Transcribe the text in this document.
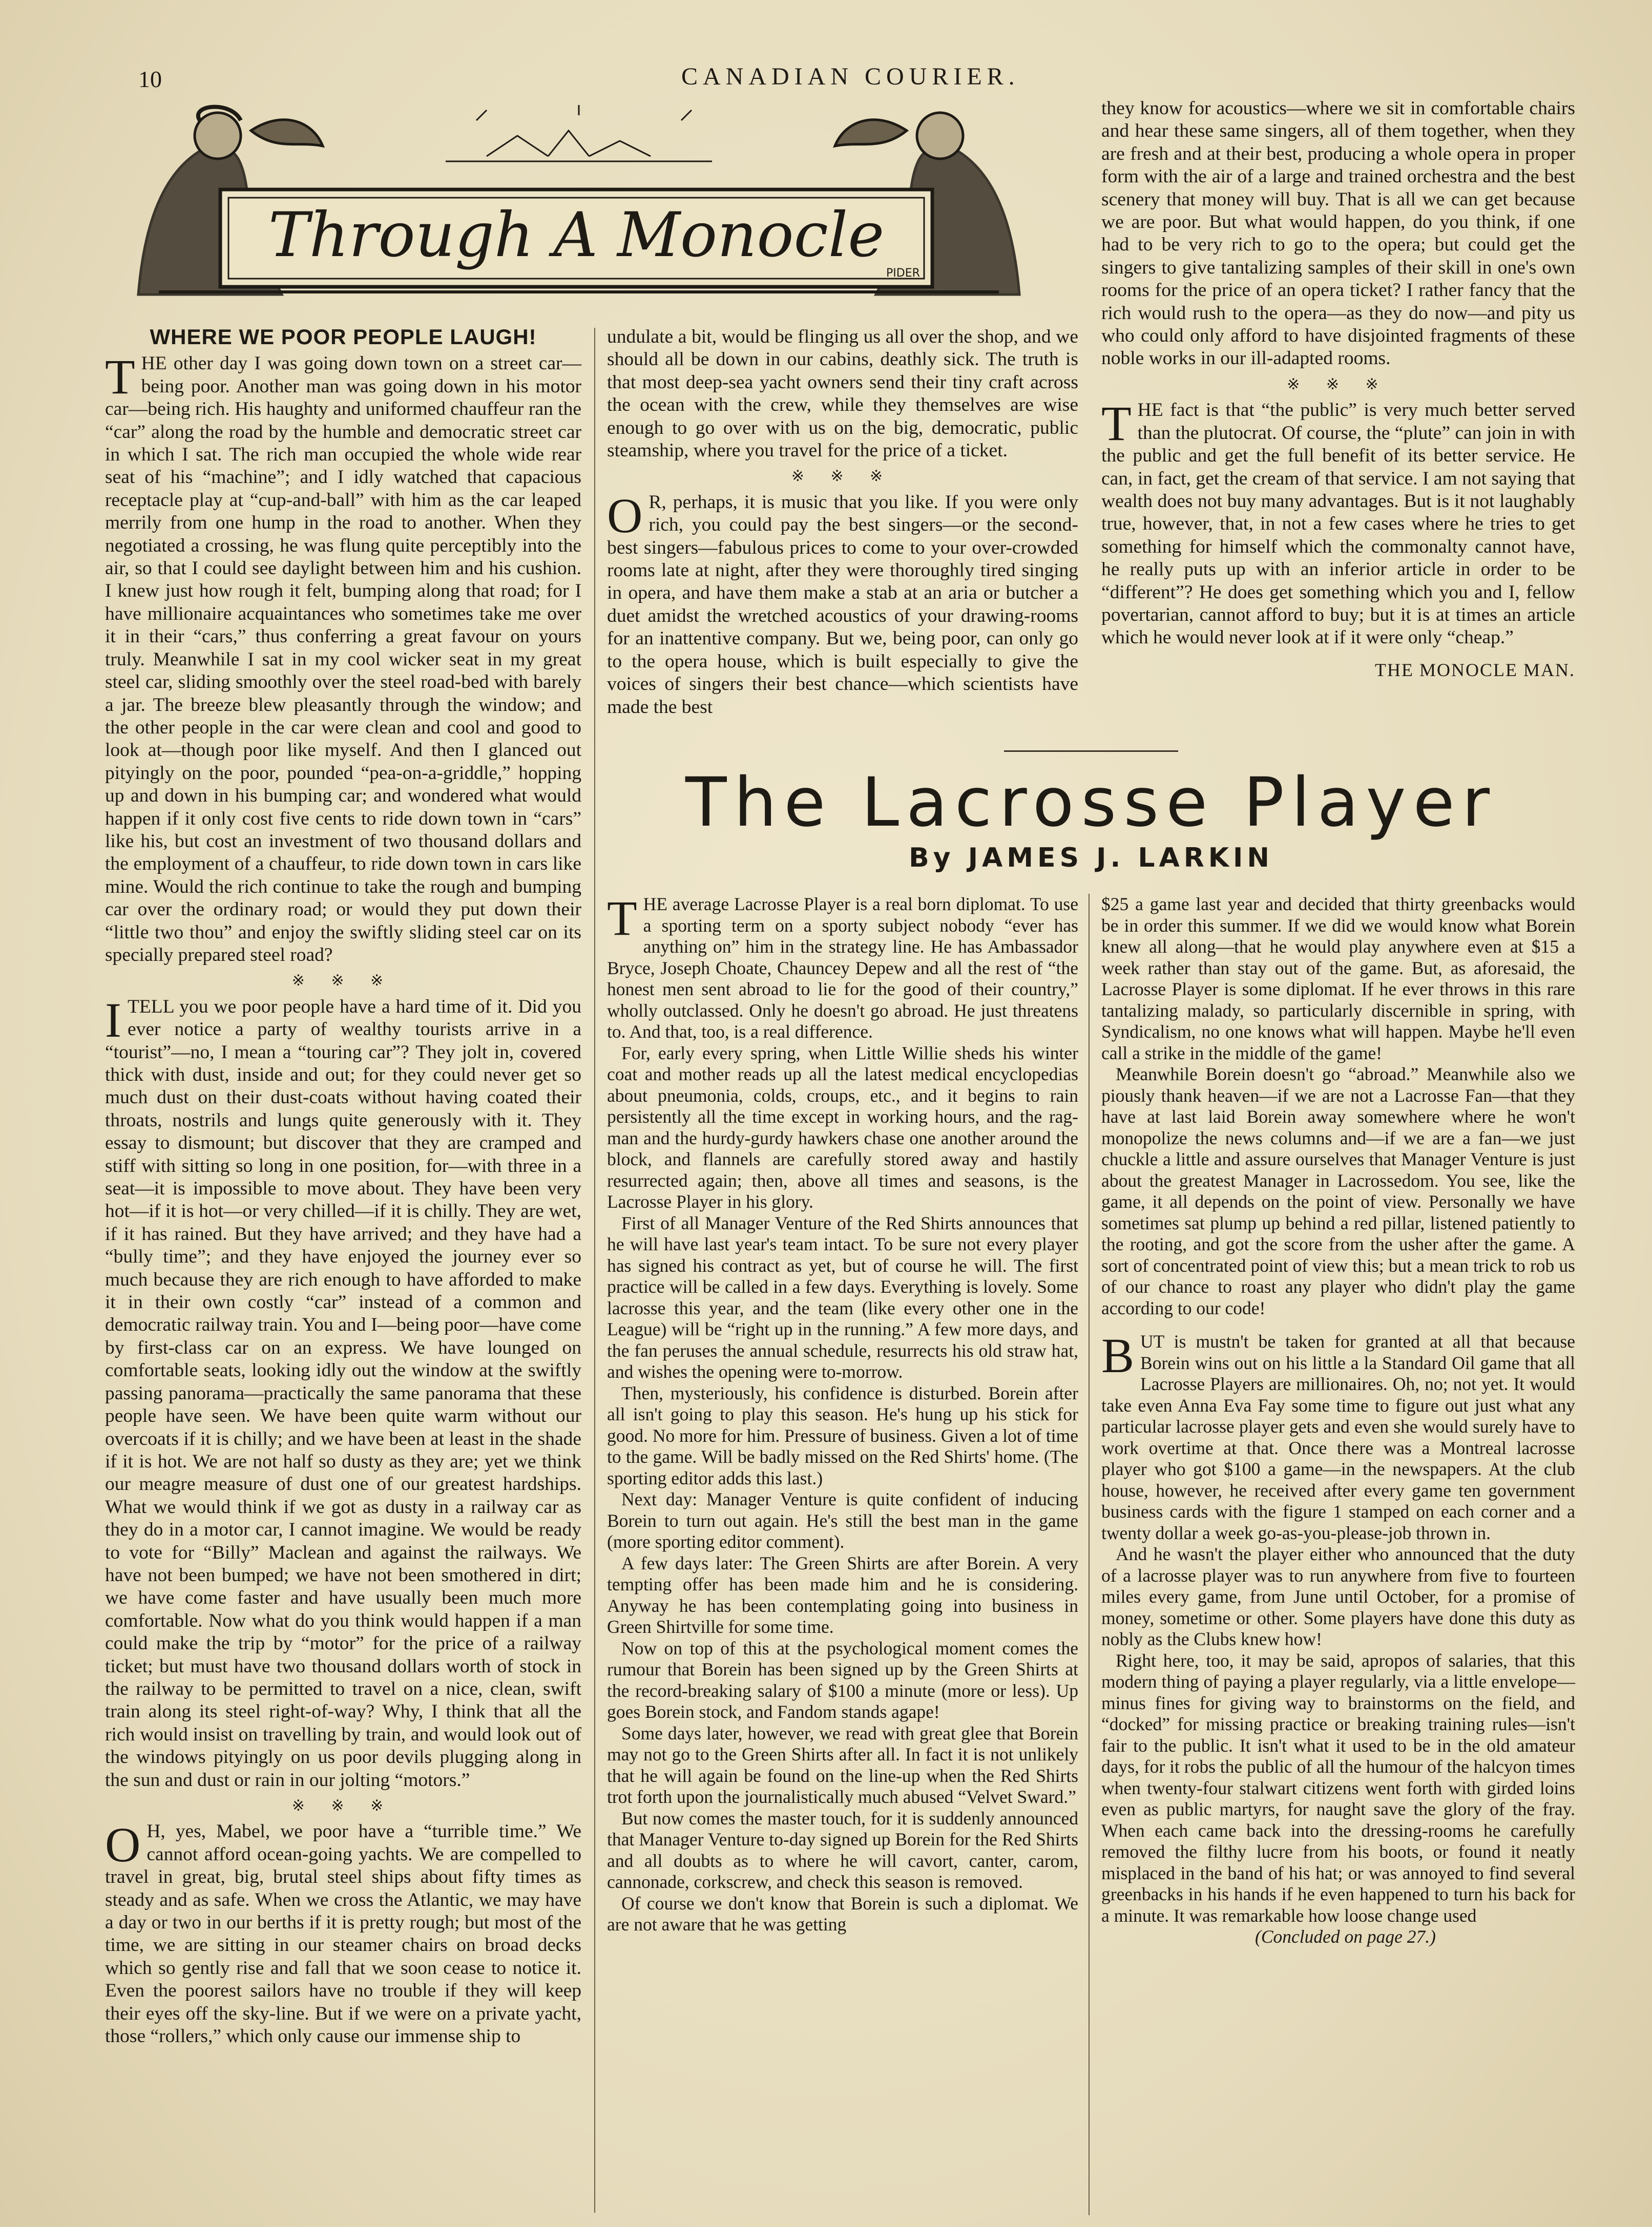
10	CANADIAN COURIER.
Through A Monocle
PIDER
WHERE WE POOR PEOPLE LAUGH!

THE other day I was going down town on a street car—being poor. Another man was going down in his motor car—being rich. His haughty and uniformed chauffeur ran the “car” along the road by the humble and democratic street car in which I sat. The rich man occupied the whole wide rear seat of his “machine”; and I idly watched that capacious receptacle play at “cup-and-ball” with him as the car leaped merrily from one hump in the road to another. When they negotiated a crossing, he was flung quite perceptibly into the air, so that I could see daylight between him and his cushion. I knew just how rough it felt, bumping along that road; for I have millionaire acquaintances who sometimes take me over it in their “cars,” thus conferring a great favour on yours truly. Meanwhile I sat in my cool wicker seat in my great steel car, sliding smoothly over the steel road-bed with barely a jar. The breeze blew pleasantly through the window; and the other people in the car were clean and cool and good to look at—though poor like myself. And then I glanced out pityingly on the poor, pounded “pea-on-a-griddle,” hopping up and down in his bumping car; and wondered what would happen if it only cost five cents to ride down town in “cars” like his, but cost an investment of two thousand dollars and the employment of a chauffeur, to ride down town in cars like mine. Would the rich continue to take the rough and bumping car over the ordinary road; or would they put down their “little two thou” and enjoy the swiftly sliding steel car on its specially prepared steel road?

※ ※ ※

ITELL you we poor people have a hard time of it. Did you ever notice a party of wealthy tourists arrive in a “tourist”—no, I mean a “touring car”? They jolt in, covered thick with dust, inside and out; for they could never get so much dust on their dust-coats without having coated their throats, nostrils and lungs quite generously with it. They essay to dismount; but discover that they are cramped and stiff with sitting so long in one position, for—with three in a seat—it is impossible to move about. They have been very hot—if it is hot—or very chilled—if it is chilly. They are wet, if it has rained. But they have arrived; and they have had a “bully time”; and they have enjoyed the journey ever so much because they are rich enough to have afforded to make it in their own costly “car” instead of a common and democratic railway train. You and I—being poor—have come by first-class car on an express. We have lounged on comfortable seats, looking idly out the window at the swiftly passing panorama—practically the same panorama that these people have seen. We have been quite warm without our overcoats if it is chilly; and we have been at least in the shade if it is hot. We are not half so dusty as they are; yet we think our meagre measure of dust one of our greatest hardships. What we would think if we got as dusty in a railway car as they do in a motor car, I cannot imagine. We would be ready to vote for “Billy” Maclean and against the railways. We have not been bumped; we have not been smothered in dirt; we have come faster and have usually been much more comfortable. Now what do you think would happen if a man could make the trip by “motor” for the price of a railway ticket; but must have two thousand dollars worth of stock in the railway to be permitted to travel on a nice, clean, swift train along its steel right-of-way? Why, I think that all the rich would insist on travelling by train, and would look out of the windows pityingly on us poor devils plugging along in the sun and dust or rain in our jolting “motors.”

※ ※ ※

O H, yes, Mabel, we poor have a “turrible time.” We cannot afford ocean-going yachts. We are compelled to travel in great, big, brutal steel ships about fifty times as steady and as safe. When we cross the Atlantic, we may have a day or two in our berths if it is pretty rough; but most of the time, we are sitting in our steamer chairs on broad decks which so gently rise and fall that we soon cease to notice it. Even the poorest sailors have no trouble if they will keep their eyes off the sky-line. But if we were on a private yacht, those “rollers,” which only cause our immense ship to

undulate a bit, would be flinging us all over the shop, and we should all be down in our cabins, deathly sick. The truth is that most deep-sea yacht owners send their tiny craft across the ocean with the crew, while they themselves are wise enough to go over with us on the big, democratic, public steamship, where you travel for the price of a ticket.

※ ※ ※

O R, perhaps, it is music that you like. If you were only rich, you could pay the best singers—or the second-best singers—fabulous prices to come to your over-crowded rooms late at night, after they were thoroughly tired singing in opera, and have them make a stab at an aria or butcher a duet amidst the wretched acoustics of your drawing-rooms for an inattentive company. But we, being poor, can only go to the opera house, which is built especially to give the voices of singers their best chance—which scientists have made the best

they know for acoustics—where we sit in comfortable chairs and hear these same singers, all of them together, when they are fresh and at their best, producing a whole opera in proper form with the air of a large and trained orchestra and the best scenery that money will buy. That is all we can get because we are poor. But what would happen, do you think, if one had to be very rich to go to the opera; but could get the singers to give tantalizing samples of their skill in one's own rooms for the price of an opera ticket? I rather fancy that the rich would rush to the opera—as they do now—and pity us who could only afford to have disjointed fragments of these noble works in our ill-adapted rooms.

※ ※ ※

THE fact is that “the public” is very much better served than the plutocrat. Of course, the “plute” can join in with the public and get the full benefit of its better service. He can, in fact, get the cream of that service. I am not saying that wealth does not buy many advantages. But is it not laughably true, however, that, in not a few cases where he tries to get something for himself which the commonalty cannot have, he really puts up with an inferior article in order to be “different”? He does get something which you and I, fellow povertarian, cannot afford to buy; but it is at times an article which he would never look at if it were only “cheap.”

THE MONOCLE MAN.
The Lacrosse Player
By JAMES J. LARKIN

THE average Lacrosse Player is a real born diplomat. To use a sporting term on a sporty subject nobody “ever has anything on” him in the strategy line. He has Ambassador Bryce, Joseph Choate, Chauncey Depew and all the rest of “the honest men sent abroad to lie for the good of their country,” wholly outclassed. Only he doesn't go abroad. He just threatens to. And that, too, is a real difference.

For, early every spring, when Little Willie sheds his winter coat and mother reads up all the latest medical encyclopedias about pneumonia, colds, croups, etc., and it begins to rain persistently all the time except in working hours, and the rag-man and the hurdy-gurdy hawkers chase one another around the block, and flannels are carefully stored away and hastily resurrected again; then, above all times and seasons, is the Lacrosse Player in his glory.

First of all Manager Venture of the Red Shirts announces that he will have last year's team intact. To be sure not every player has signed his contract as yet, but of course he will. The first practice will be called in a few days. Everything is lovely. Some lacrosse this year, and the team (like every other one in the League) will be “right up in the running.” A few more days, and the fan peruses the annual schedule, resurrects his old straw hat, and wishes the opening were to-morrow.

Then, mysteriously, his confidence is disturbed. Borein after all isn't going to play this season. He's hung up his stick for good. No more for him. Pressure of business. Given a lot of time to the game. Will be badly missed on the Red Shirts' home. (The sporting editor adds this last.)

Next day: Manager Venture is quite confident of inducing Borein to turn out again. He's still the best man in the game (more sporting editor comment).

A few days later: The Green Shirts are after Borein. A very tempting offer has been made him and he is considering. Anyway he has been contemplating going into business in Green Shirtville for some time.

Now on top of this at the psychological moment comes the rumour that Borein has been signed up by the Green Shirts at the record-breaking salary of $100 a minute (more or less). Up goes Borein stock, and Fandom stands agape!

Some days later, however, we read with great glee that Borein may not go to the Green Shirts after all. In fact it is not unlikely that he will again be found on the line-up when the Red Shirts trot forth upon the journalistically much abused “Velvet Sward.”

But now comes the master touch, for it is suddenly announced that Manager Venture to-day signed up Borein for the Red Shirts and all doubts as to where he will cavort, canter, carom, cannonade, corkscrew, and check this season is removed.

Of course we don't know that Borein is such a diplomat. We are not aware that he was getting

$25 a game last year and decided that thirty greenbacks would be in order this summer. If we did we would know what Borein knew all along—that he would play anywhere even at $15 a week rather than stay out of the game. But, as aforesaid, the Lacrosse Player is some diplomat. If he ever throws in this rare tantalizing malady, so particularly discernible in spring, with Syndicalism, no one knows what will happen. Maybe he'll even call a strike in the middle of the game!

Meanwhile Borein doesn't go “abroad.” Meanwhile also we piously thank heaven—if we are not a Lacrosse Fan—that they have at last laid Borein away somewhere where he won't monopolize the news columns and—if we are a fan—we just chuckle a little and assure ourselves that Manager Venture is just about the greatest Manager in Lacrossedom. You see, like the game, it all depends on the point of view. Personally we have sometimes sat plump up behind a red pillar, listened patiently to the rooting, and got the score from the usher after the game. A sort of concentrated point of view this; but a mean trick to rob us of our chance to roast any player who didn't play the game according to our code!

BUT is mustn't be taken for granted at all that because Borein wins out on his little a la Standard Oil game that all Lacrosse Players are millionaires. Oh, no; not yet. It would take even Anna Eva Fay some time to figure out just what any particular lacrosse player gets and even she would surely have to work overtime at that. Once there was a Montreal lacrosse player who got $100 a game—in the newspapers. At the club house, however, he received after every game ten government business cards with the figure 1 stamped on each corner and a twenty dollar a week go-as-you-please-job thrown in.

And he wasn't the player either who announced that the duty of a lacrosse player was to run anywhere from five to fourteen miles every game, from June until October, for a promise of money, sometime or other. Some players have done this duty as nobly as the Clubs knew how!

Right here, too, it may be said, apropos of salaries, that this modern thing of paying a player regularly, via a little envelope—minus fines for giving way to brainstorms on the field, and “docked” for missing practice or breaking training rules—isn't fair to the public. It isn't what it used to be in the old amateur days, for it robs the public of all the humour of the halcyon times when twenty-four stalwart citizens went forth with girded loins even as public martyrs, for naught save the glory of the fray. When each came back into the dressing-rooms he carefully removed the filthy lucre from his boots, or found it neatly misplaced in the band of his hat; or was annoyed to find several greenbacks in his hands if he even happened to turn his back for a minute. It was remarkable how loose change used

(Concluded on page 27.)
